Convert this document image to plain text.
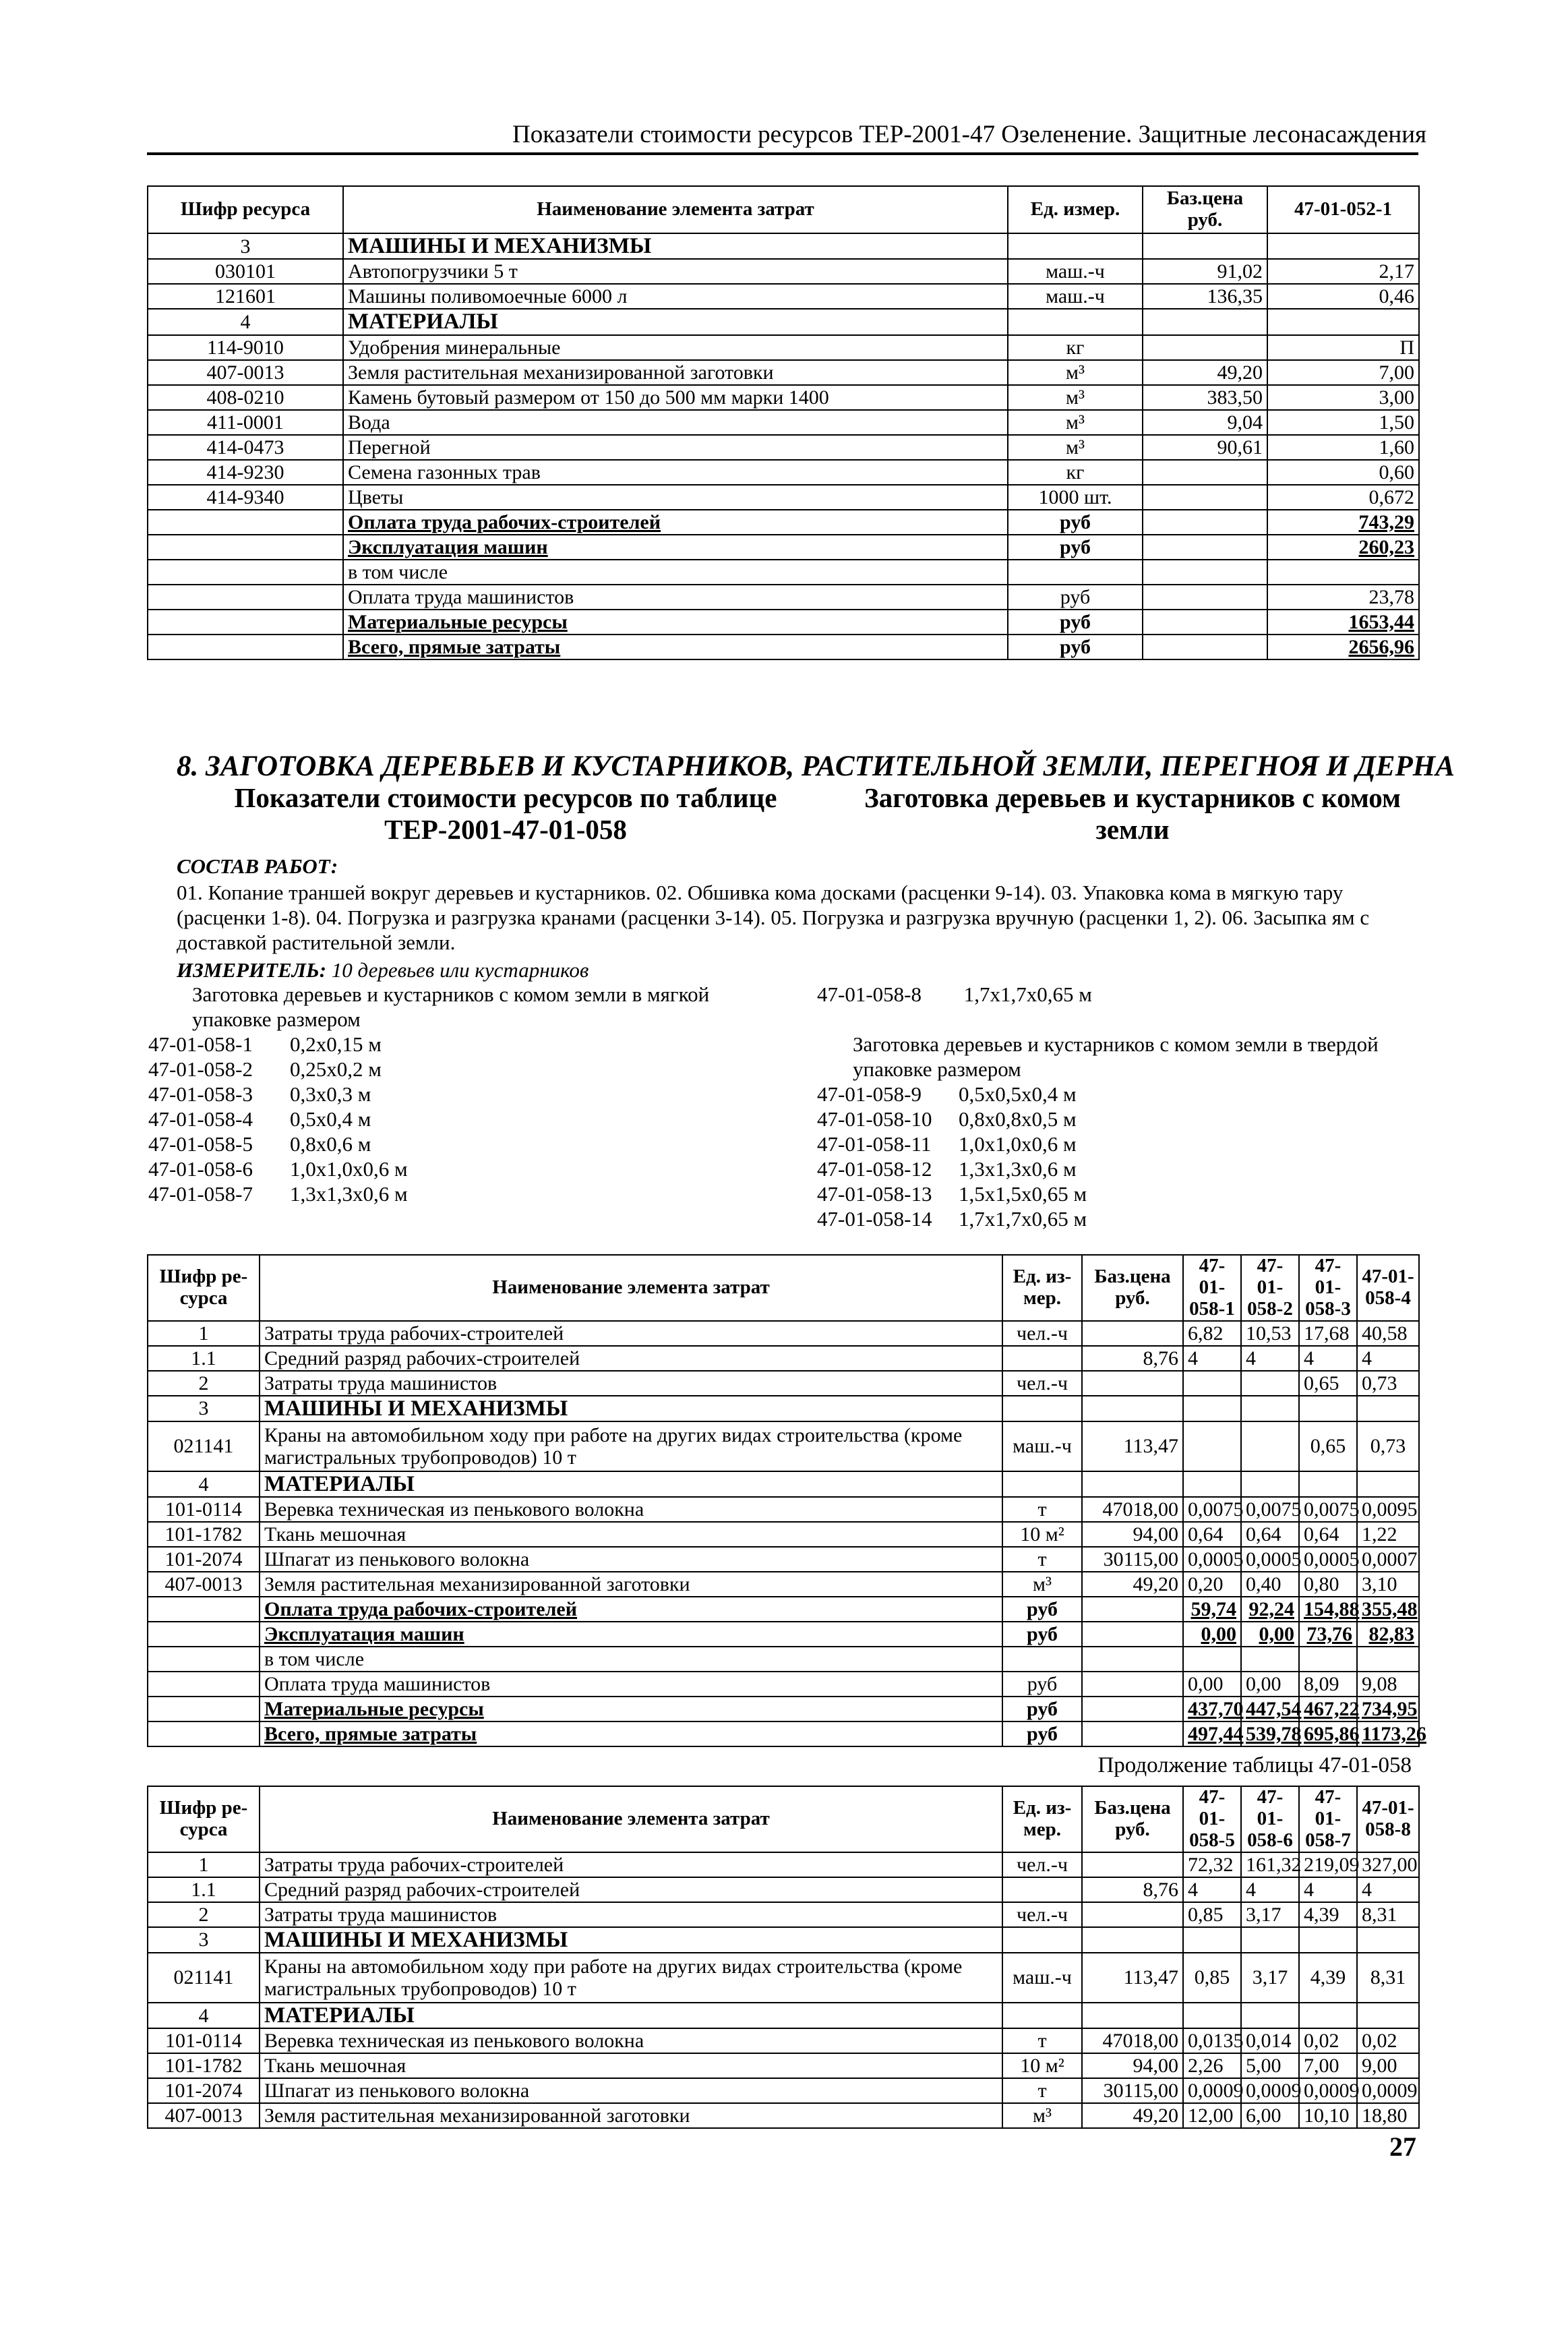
Показатели стоимости ресурсов ТЕР-2001-47 Озеленение. Защитные лесонасаждения
Шифр ресурса	Наименование элемента затрат	Ед. измер.	Баз.цена руб.	47-01-052-1
3	МАШИНЫ И МЕХАНИЗМЫ			
030101	Автопогрузчики 5 т	маш.-ч	91,02	2,17
121601	Машины поливомоечные 6000 л	маш.-ч	136,35	0,46
4	МАТЕРИАЛЫ			
114-9010	Удобрения минеральные	кг		П
407-0013	Земля растительная механизированной заготовки	м³	49,20	7,00
408-0210	Камень бутовый размером от 150 до 500 мм марки 1400	м³	383,50	3,00
411-0001	Вода	м³	9,04	1,50
414-0473	Перегной	м³	90,61	1,60
414-9230	Семена газонных трав	кг		0,60
414-9340	Цветы	1000 шт.		0,672
	Оплата труда рабочих-строителей	руб		743,29
	Эксплуатация машин	руб		260,23
	в том числе			
	Оплата труда машинистов	руб		23,78
	Материальные ресурсы	руб		1653,44
	Всего, прямые затраты	руб		2656,96
8. ЗАГОТОВКА ДЕРЕВЬЕВ И КУСТАРНИКОВ, РАСТИТЕЛЬНОЙ ЗЕМЛИ, ПЕРЕГНОЯ И ДЕРНА
Показатели стоимости ресурсов по таблице ТЕР-2001-47-01-058
Заготовка деревьев и кустарников с комом земли
СОСТАВ РАБОТ:
01. Копание траншей вокруг деревьев и кустарников. 02. Обшивка кома досками (расценки 9-14). 03. Упаковка кома в мягкую тару (расценки 1-8). 04. Погрузка и разгрузка кранами (расценки 3-14). 05. Погрузка и разгрузка вручную (расценки 1, 2). 06. Засыпка ям с доставкой растительной земли.
ИЗМЕРИТЕЛЬ: 10 деревьев или кустарников
Заготовка деревьев и кустарников с комом земли в мягкой упаковке размером
47-01-058-8 1,7х1,7х0,65 м
47-01-058-1 0,2х0,15 м
47-01-058-2 0,25х0,2 м
47-01-058-3 0,3х0,3 м
47-01-058-4 0,5х0,4 м
47-01-058-5 0,8х0,6 м
47-01-058-6 1,0х1,0х0,6 м
47-01-058-7 1,3х1,3х0,6 м
Заготовка деревьев и кустарников с комом земли в твердой упаковке размером
47-01-058-9 0,5х0,5х0,4 м
47-01-058-10 0,8х0,8х0,5 м
47-01-058-11 1,0х1,0х0,6 м
47-01-058-12 1,3х1,3х0,6 м
47-01-058-13 1,5х1,5х0,65 м
47-01-058-14 1,7х1,7х0,65 м
Шифр ре-сурса	Наименование элемента затрат	Ед. из-мер.	Баз.цена руб.	47-01-058-1	47-01-058-2	47-01-058-3	47-01-058-4
1	Затраты труда рабочих-строителей	чел.-ч		6,82	10,53	17,68	40,58
1.1	Средний разряд рабочих-строителей		8,76	4	4	4	4
2	Затраты труда машинистов	чел.-ч				0,65	0,73
3	МАШИНЫ И МЕХАНИЗМЫ						
021141	Краны на автомобильном ходу при работе на других видах строительства (кроме магистральных трубопроводов) 10 т	маш.-ч	113,47			0,65	0,73
4	МАТЕРИАЛЫ						
101-0114	Веревка техническая из пенькового волокна	т	47018,00	0,0075	0,0075	0,0075	0,0095
101-1782	Ткань мешочная	10 м²	94,00	0,64	0,64	0,64	1,22
101-2074	Шпагат из пенькового волокна	т	30115,00	0,0005	0,0005	0,0005	0,0007
407-0013	Земля растительная механизированной заготовки	м³	49,20	0,20	0,40	0,80	3,10
	Оплата труда рабочих-строителей	руб		59,74	92,24	154,88	355,48
	Эксплуатация машин	руб		0,00	0,00	73,76	82,83
	в том числе						
	Оплата труда машинистов	руб		0,00	0,00	8,09	9,08
	Материальные ресурсы	руб		437,70	447,54	467,22	734,95
	Всего, прямые затраты	руб		497,44	539,78	695,86	1173,26
Продолжение таблицы 47-01-058
Шифр ре-сурса	Наименование элемента затрат	Ед. из-мер.	Баз.цена руб.	47-01-058-5	47-01-058-6	47-01-058-7	47-01-058-8
1	Затраты труда рабочих-строителей	чел.-ч		72,32	161,32	219,09	327,00
1.1	Средний разряд рабочих-строителей		8,76	4	4	4	4
2	Затраты труда машинистов	чел.-ч		0,85	3,17	4,39	8,31
3	МАШИНЫ И МЕХАНИЗМЫ						
021141	Краны на автомобильном ходу при работе на других видах строительства (кроме магистральных трубопроводов) 10 т	маш.-ч	113,47	0,85	3,17	4,39	8,31
4	МАТЕРИАЛЫ						
101-0114	Веревка техническая из пенькового волокна	т	47018,00	0,0135	0,014	0,02	0,02
101-1782	Ткань мешочная	10 м²	94,00	2,26	5,00	7,00	9,00
101-2074	Шпагат из пенькового волокна	т	30115,00	0,0009	0,0009	0,0009	0,0009
407-0013	Земля растительная механизированной заготовки	м³	49,20	12,00	6,00	10,10	18,80
27
